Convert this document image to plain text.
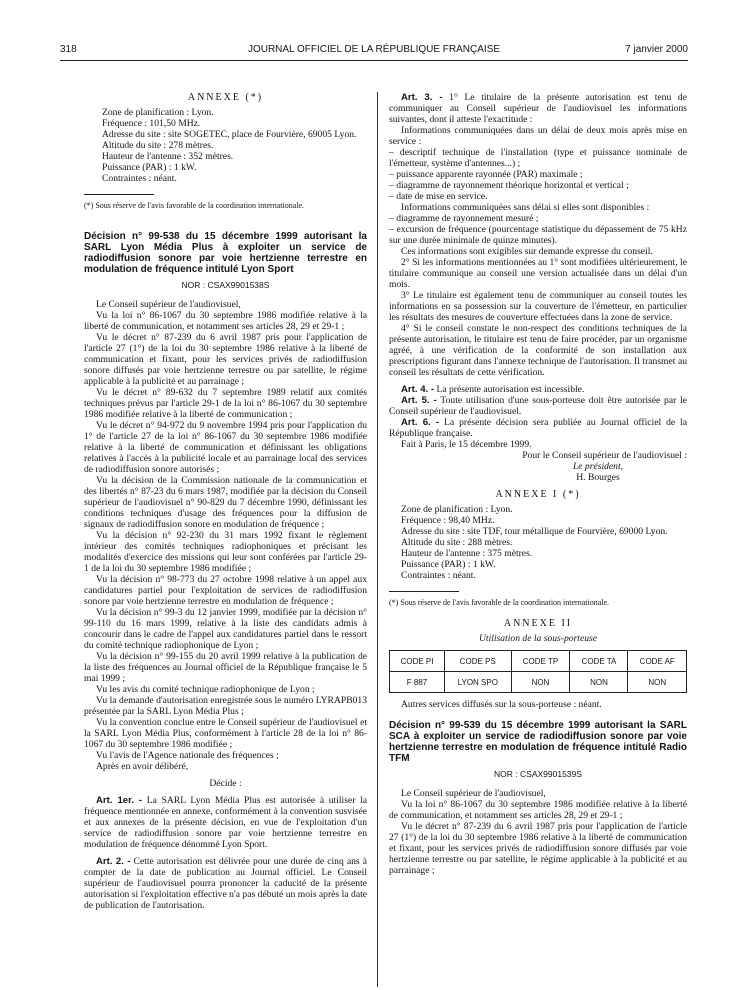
318	JOURNAL OFFICIEL DE LA RÉPUBLIQUE FRANÇAISE	7 janvier 2000
ANNEXE (*)

Zone de planification : Lyon.

Fréquence : 101,50 MHz.

Adresse du site : site SOGETEC, place de Fourvière, 69005 Lyon.

Altitude du site : 278 mètres.

Hauteur de l'antenne : 352 mètres.

Puissance (PAR) : 1 kW.

Contraintes : néant.

(*) Sous réserve de l'avis favorable de la coordination internationale.

Décision n° 99-538 du 15 décembre 1999 autorisant la SARL Lyon Média Plus à exploiter un service de radiodiffusion sonore par voie hertzienne terrestre en modulation de fréquence intitulé Lyon Sport

NOR : CSAX9901538S

Le Conseil supérieur de l'audiovisuel,

Vu la loi n° 86-1067 du 30 septembre 1986 modifiée relative à la liberté de communication, et notamment ses articles 28, 29 et 29-1 ;

Vu le décret n° 87-239 du 6 avril 1987 pris pour l'application de l'article 27 (1°) de la loi du 30 septembre 1986 relative à la liberté de communication et fixant, pour les services privés de radiodiffusion sonore diffusés par voie hertzienne terrestre ou par satellite, le régime applicable à la publicité et au parrainage ;

Vu le décret n° 89-632 du 7 septembre 1989 relatif aux comités techniques prévus par l'article 29-1 de la loi n° 86-1067 du 30 septembre 1986 modifiée relative à la liberté de communication ;

Vu le décret n° 94-972 du 9 novembre 1994 pris pour l'application du 1° de l'article 27 de la loi n° 86-1067 du 30 septembre 1986 modifiée relative à la liberté de communication et définissant les obligations relatives à l'accès à la publicité locale et au parrainage local des services de radiodiffusion sonore autorisés ;

Vu la décision de la Commission nationale de la communication et des libertés n° 87-23 du 6 mars 1987, modifiée par la décision du Conseil supérieur de l'audiovisuel n° 90-829 du 7 décembre 1990, définissant les conditions techniques d'usage des fréquences pour la diffusion de signaux de radiodiffusion sonore en modulation de fréquence ;

Vu la décision n° 92-230 du 31 mars 1992 fixant le règlement intérieur des comités techniques radiophoniques et précisant les modalités d'exercice des missions qui leur sont conférées par l'article 29-1 de la loi du 30 septembre 1986 modifiée ;

Vu la décision n° 98-773 du 27 octobre 1998 relative à un appel aux candidatures partiel pour l'exploitation de services de radiodiffusion sonore par voie hertzienne terrestre en modulation de fréquence ;

Vu la décision n° 99-3 du 12 janvier 1999, modifiée par la décision n° 99-110 du 16 mars 1999, relative à la liste des candidats admis à concourir dans le cadre de l'appel aux candidatures partiel dans le ressort du comité technique radiophonique de Lyon ;

Vu la décision n° 99-155 du 20 avril 1999 relative à la publication de la liste des fréquences au Journal officiel de la République française le 5 mai 1999 ;

Vu les avis du comité technique radiophonique de Lyon ;

Vu la demande d'autorisation enregistrée sous le numéro LYRAPB013 présentée par la SARL Lyon Média Plus ;

Vu la convention conclue entre le Conseil supérieur de l'audiovisuel et la SARL Lyon Média Plus, conformément à l'article 28 de la loi n° 86-1067 du 30 septembre 1986 modifiée ;

Vu l'avis de l'Agence nationale des fréquences ;

Après en avoir délibéré,

Décide :

Art. 1er. - La SARL Lyon Média Plus est autorisée à utiliser la fréquence mentionnée en annexe, conformément à la convention susvisée et aux annexes de la présente décision, en vue de l'exploitation d'un service de radiodiffusion sonore par voie hertzienne terrestre en modulation de fréquence dénommé Lyon Sport.

Art. 2. - Cette autorisation est délivrée pour une durée de cinq ans à compter de la date de publication au Journal officiel. Le Conseil supérieur de l'audiovisuel pourra prononcer la caducité de la présente autorisation si l'exploitation effective n'a pas débuté un mois après la date de publication de l'autorisation.

Art. 3. - 1° Le titulaire de la présente autorisation est tenu de communiquer au Conseil supérieur de l'audiovisuel les informations suivantes, dont il atteste l'exactitude :

Informations communiquées dans un délai de deux mois après mise en service :

– descriptif technique de l'installation (type et puissance nominale de l'émetteur, système d'antennes...) ;

– puissance apparente rayonnée (PAR) maximale ;

– diagramme de rayonnement théorique horizontal et vertical ;

– date de mise en service.

Informations communiquées sans délai si elles sont disponibles :

– diagramme de rayonnement mesuré ;

– excursion de fréquence (pourcentage statistique du dépassement de 75 kHz sur une durée minimale de quinze minutes).

Ces informations sont exigibles sur demande expresse du conseil.

2° Si les informations mentionnées au 1° sont modifiées ultérieurement, le titulaire communique au conseil une version actualisée dans un délai d'un mois.

3° Le titulaire est également tenu de communiquer au conseil toutes les informations en sa possession sur la couverture de l'émetteur, en particulier les résultats des mesures de couverture effectuées dans la zone de service.

4° Si le conseil constate le non-respect des conditions techniques de la présente autorisation, le titulaire est tenu de faire procéder, par un organisme agréé, à une vérification de la conformité de son installation aux prescriptions figurant dans l'annexe technique de l'autorisation. Il transmet au conseil les résultats de cette vérification.

Art. 4. - La présente autorisation est incessible.

Art. 5. - Toute utilisation d'une sous-porteuse doit être autorisée par le Conseil supérieur de l'audiovisuel.

Art. 6. - La présente décision sera publiée au Journal officiel de la République française.

Fait à Paris, le 15 décembre 1999.

Pour le Conseil supérieur de l'audiovisuel :

Le président,

H. Bourges

ANNEXE I (*)

Zone de planification : Lyon.

Fréquence : 98,40 MHz.

Adresse du site : site TDF, tour métallique de Fourvière, 69000 Lyon.

Altitude du site : 288 mètres.

Hauteur de l'antenne : 375 mètres.

Puissance (PAR) : 1 kW.

Contraintes : néant.

(*) Sous réserve de l'avis favorable de la coordination internationale.

ANNEXE II

Utilisation de la sous-porteuse

CODE PI	CODE PS	CODE TP	CODE TA	CODE AF
F 887	LYON SPO	NON	NON	NON

Autres services diffusés sur la sous-porteuse : néant.

Décision n° 99-539 du 15 décembre 1999 autorisant la SARL SCA à exploiter un service de radiodiffusion sonore par voie hertzienne terrestre en modulation de fréquence intitulé Radio TFM

NOR : CSAX9901539S

Le Conseil supérieur de l'audiovisuel,

Vu la loi n° 86-1067 du 30 septembre 1986 modifiée relative à la liberté de communication, et notamment ses articles 28, 29 et 29-1 ;

Vu le décret n° 87-239 du 6 avril 1987 pris pour l'application de l'article 27 (1°) de la loi du 30 septembre 1986 relative à la liberté de communication et fixant, pour les services privés de radiodiffusion sonore diffusés par voie hertzienne terrestre ou par satellite, le régime applicable à la publicité et au parrainage ;
